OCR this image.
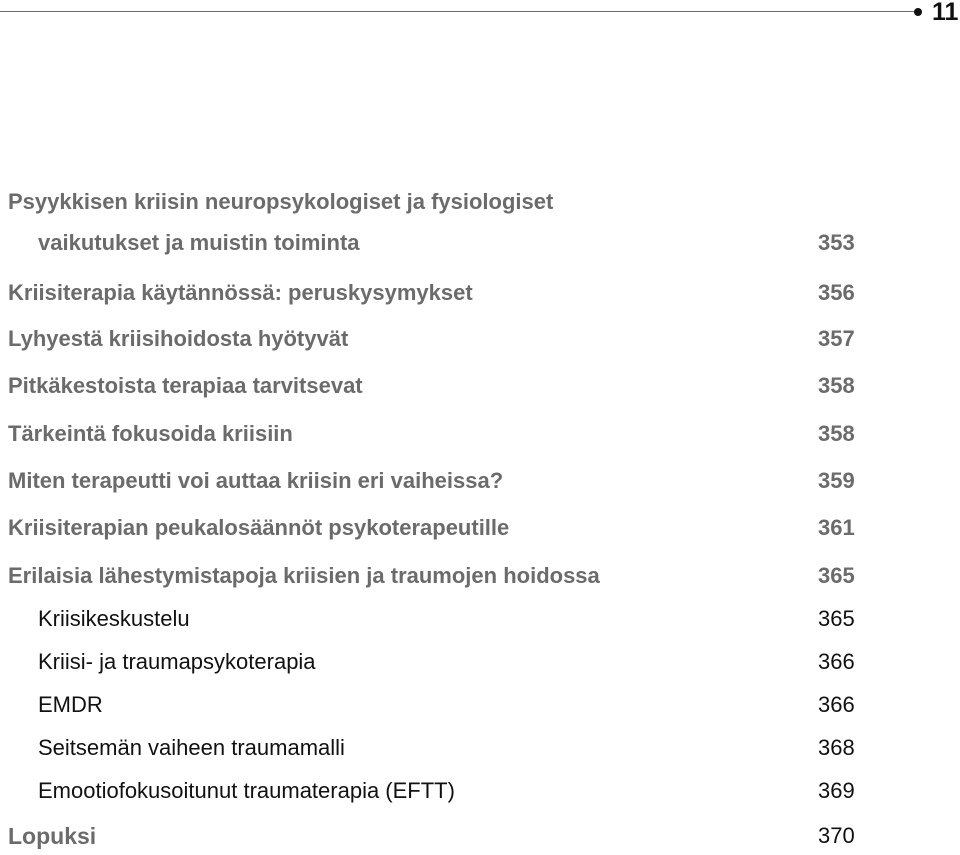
11
Psyykkisen kriisin neuropsykologiset ja fysiologiset
vaikutukset ja muistin toiminta	353
Kriisiterapia käytännössä: peruskysymykset	356
Lyhyestä kriisihoidosta hyötyvät	357
Pitkäkestoista terapiaa tarvitsevat	358
Tärkeintä fokusoida kriisiin	358
Miten terapeutti voi auttaa kriisin eri vaiheissa?	359
Kriisiterapian peukalosäännöt psykoterapeutille	361
Erilaisia lähestymistapoja kriisien ja traumojen hoidossa	365
Kriisikeskustelu	365
Kriisi- ja traumapsykoterapia	366
EMDR	366
Seitsemän vaiheen traumamalli	368
Emootiofokusoitunut traumaterapia (EFTT)	369
Lopuksi	370
